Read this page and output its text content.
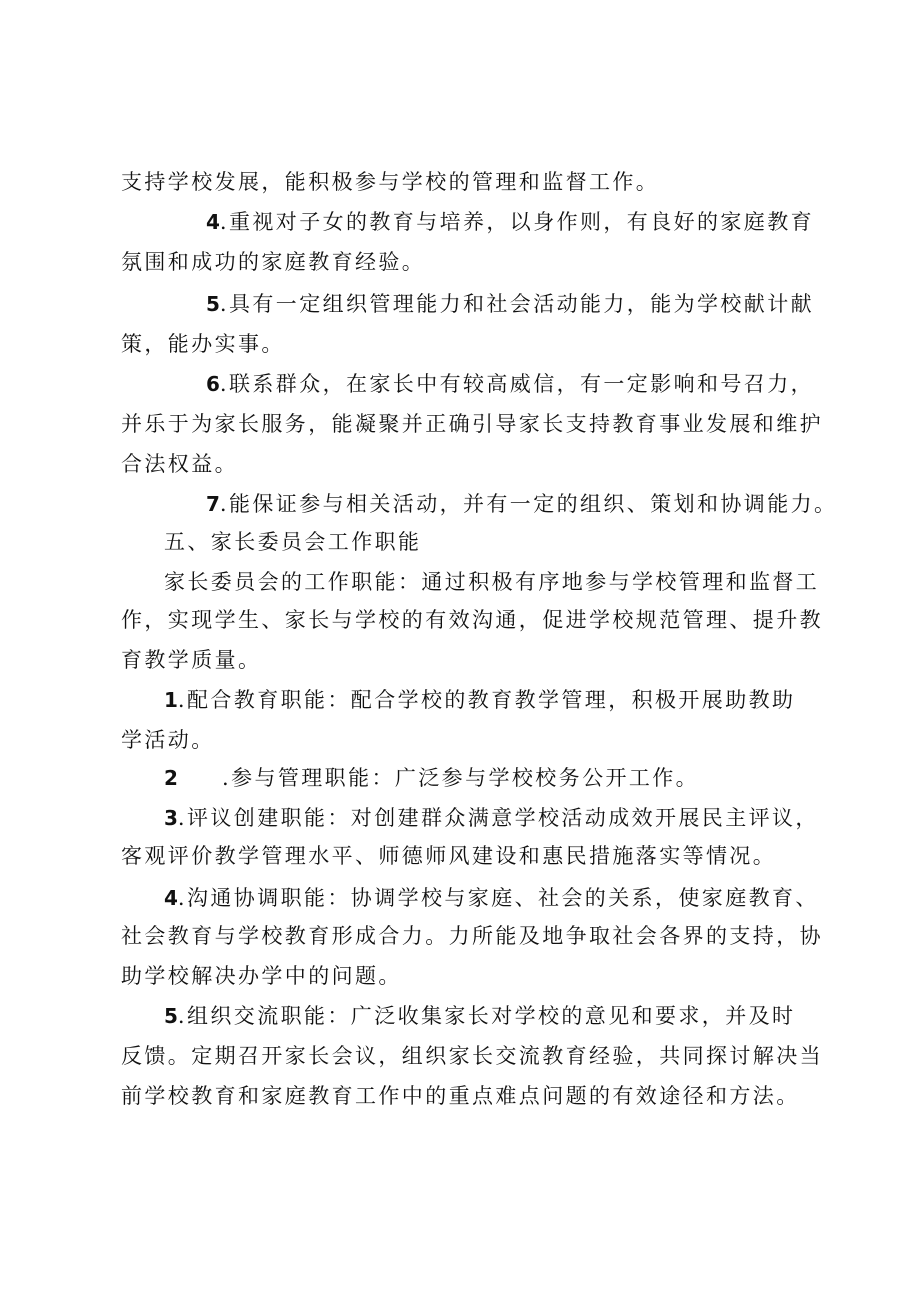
支持学校发展，能积极参与学校的管理和监督工作。
4.重视对子女的教育与培养，以身作则，有良好的家庭教育
氛围和成功的家庭教育经验。
5.具有一定组织管理能力和社会活动能力，能为学校献计献
策，能办实事。
6.联系群众，在家长中有较高威信，有一定影响和号召力，
并乐于为家长服务，能凝聚并正确引导家长支持教育事业发展和维护
合法权益。
7.能保证参与相关活动，并有一定的组织、策划和协调能力。
五、家长委员会工作职能
家长委员会的工作职能：通过积极有序地参与学校管理和监督工
作，实现学生、家长与学校的有效沟通，促进学校规范管理、提升教
育教学质量。
1.配合教育职能：配合学校的教育教学管理，积极开展助教助
学活动。
2 .参与管理职能：广泛参与学校校务公开工作。
3.评议创建职能：对创建群众满意学校活动成效开展民主评议，
客观评价教学管理水平、师德师风建设和惠民措施落实等情况。
4.沟通协调职能：协调学校与家庭、社会的关系，使家庭教育、
社会教育与学校教育形成合力。力所能及地争取社会各界的支持，协
助学校解决办学中的问题。
5.组织交流职能：广泛收集家长对学校的意见和要求，并及时
反馈。定期召开家长会议，组织家长交流教育经验，共同探讨解决当
前学校教育和家庭教育工作中的重点难点问题的有效途径和方法。
